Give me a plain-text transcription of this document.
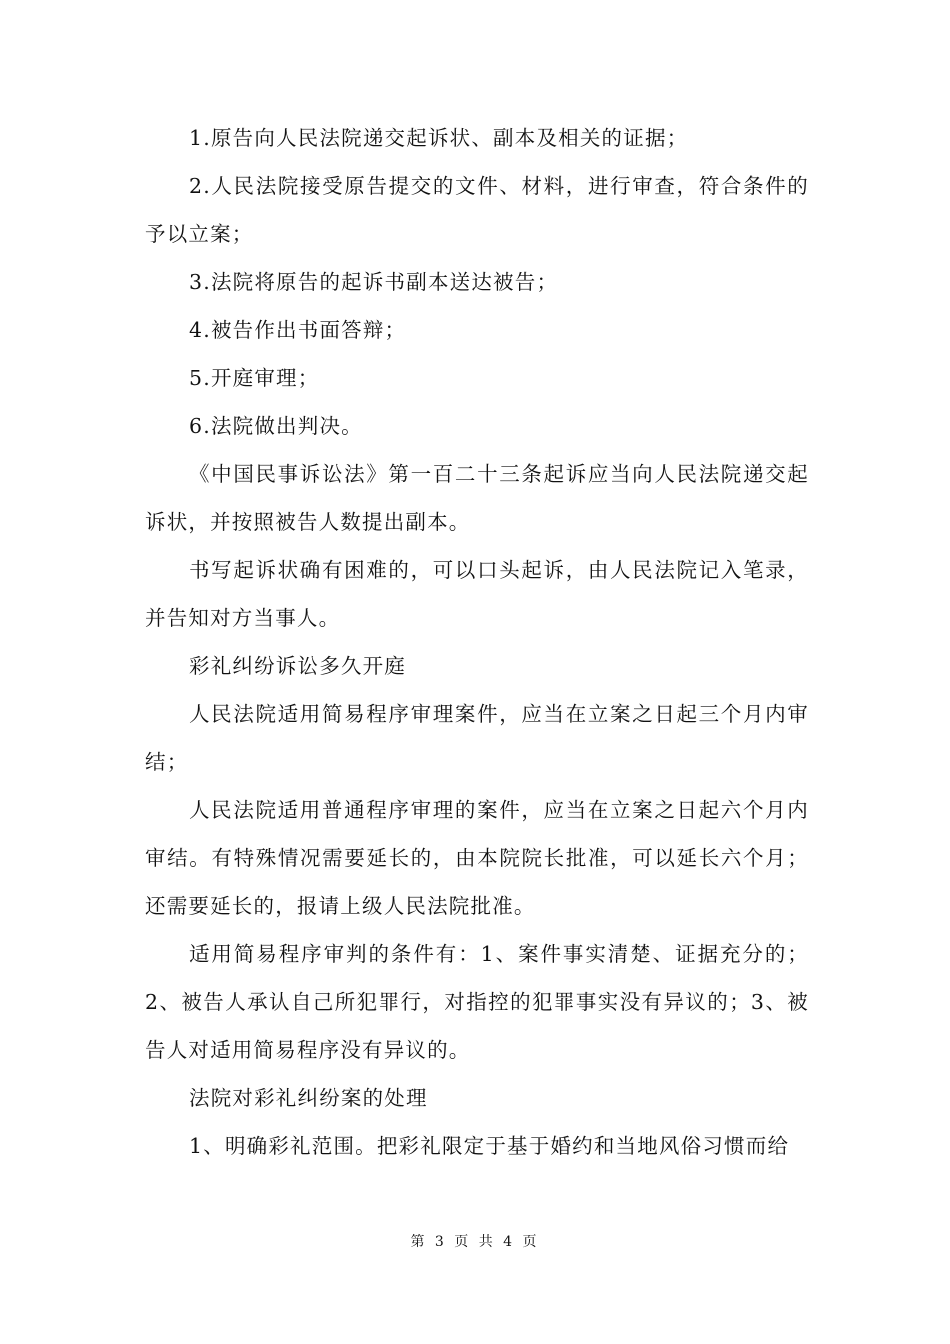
1.原告向人民法院递交起诉状、副本及相关的证据；

2.人民法院接受原告提交的文件、材料，进行审查，符合条件的予以立案；

3.法院将原告的起诉书副本送达被告；

4.被告作出书面答辩；

5.开庭审理；

6.法院做出判决。

《中国民事诉讼法》第一百二十三条起诉应当向人民法院递交起诉状，并按照被告人数提出副本。

书写起诉状确有困难的，可以口头起诉，由人民法院记入笔录，并告知对方当事人。

彩礼纠纷诉讼多久开庭

人民法院适用简易程序审理案件，应当在立案之日起三个月内审结；

人民法院适用普通程序审理的案件，应当在立案之日起六个月内审结。有特殊情况需要延长的，由本院院长批准，可以延长六个月；还需要延长的，报请上级人民法院批准。

适用简易程序审判的条件有：1、案件事实清楚、证据充分的；2、被告人承认自己所犯罪行，对指控的犯罪事实没有异议的；3、被告人对适用简易程序没有异议的。

法院对彩礼纠纷案的处理

1、明确彩礼范围。把彩礼限定于基于婚约和当地风俗习惯而给

第 3 页 共 4 页
